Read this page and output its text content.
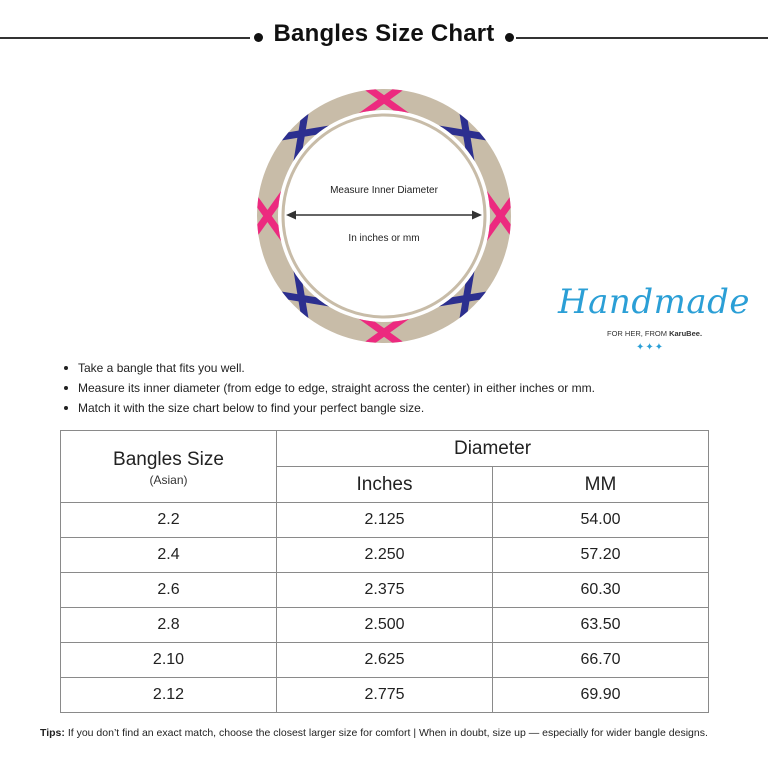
Bangles Size Chart
Measure Inner Diameter
In inches or mm
Handmade
FOR HER, FROM KaruBee.
✦✦✦
Take a bangle that fits you well.
Measure its inner diameter (from edge to edge, straight across the center) in either inches or mm.
Match it with the size chart below to find your perfect bangle size.
Bangles Size
(Asian)	Diameter	
	Inches	MM
2.2	2.125	54.00
2.4	2.250	57.20
2.6	2.375	60.30
2.8	2.500	63.50
2.10	2.625	66.70
2.12	2.775	69.90
Tips: If you don’t find an exact match, choose the closest larger size for comfort | When in doubt, size up — especially for wider bangle designs.
